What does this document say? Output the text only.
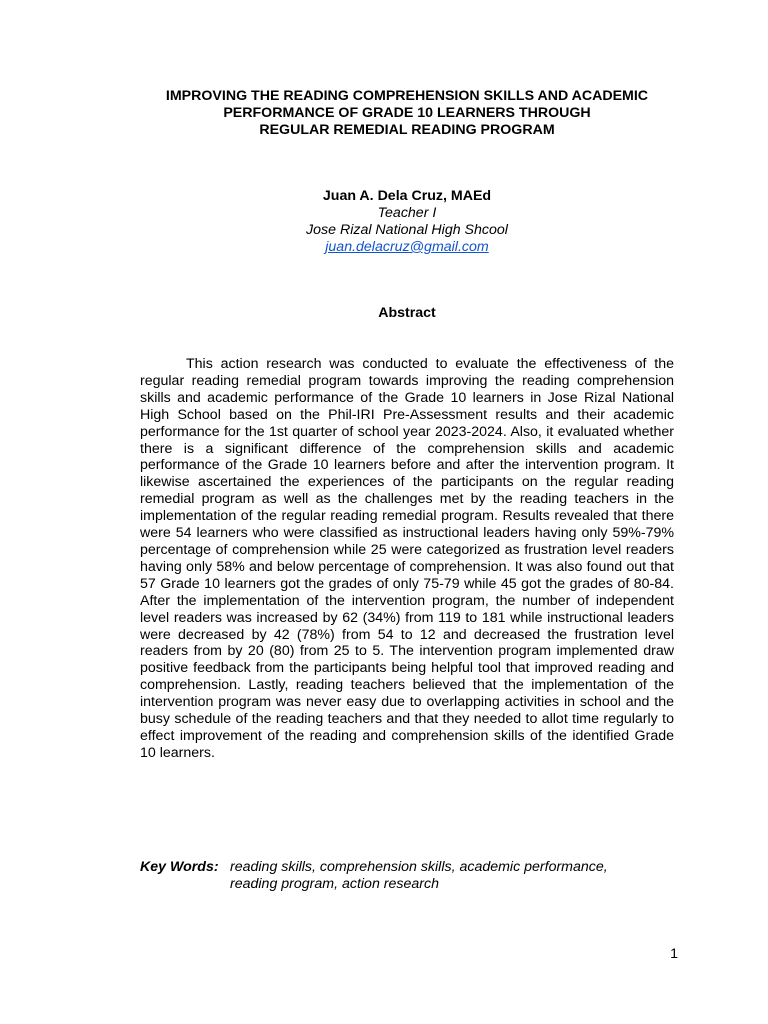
IMPROVING THE READING COMPREHENSION SKILLS AND ACADEMIC
PERFORMANCE OF GRADE 10 LEARNERS THROUGH
REGULAR REMEDIAL READING PROGRAM
Juan A. Dela Cruz, MAEd
Teacher I
Jose Rizal National High Shcool
juan.delacruz@gmail.com
Abstract

This action research was conducted to evaluate the effectiveness of the regular reading remedial program towards improving the reading comprehension skills and academic performance of the Grade 10 learners in Jose Rizal National High School based on the Phil-IRI Pre-Assessment results and their academic performance for the 1st quarter of school year 2023-2024. Also, it evaluated whether there is a significant difference of the comprehension skills and academic performance of the Grade 10 learners before and after the intervention program. It likewise ascertained the experiences of the participants on the regular reading remedial program as well as the challenges met by the reading teachers in the implementation of the regular reading remedial program. Results revealed that there were 54 learners who were classified as instructional leaders having only 59%-79% percentage of comprehension while 25 were categorized as frustration level readers having only 58% and below percentage of comprehension. It was also found out that 57 Grade 10 learners got the grades of only 75-79 while 45 got the grades of 80-84. After the implementation of the intervention program, the number of independent level readers was increased by 62 (34%) from 119 to 181 while instructional leaders were decreased by 42 (78%) from 54 to 12 and decreased the frustration level readers from by 20 (80) from 25 to 5. The intervention program implemented draw positive feedback from the participants being helpful tool that improved reading and comprehension. Lastly, reading teachers believed that the implementation of the intervention program was never easy due to overlapping activities in school and the busy schedule of the reading teachers and that they needed to allot time regularly to effect improvement of the reading and comprehension skills of the identified Grade 10 learners.

Key Words: reading skills, comprehension skills, academic performance,
reading program, action research
1
